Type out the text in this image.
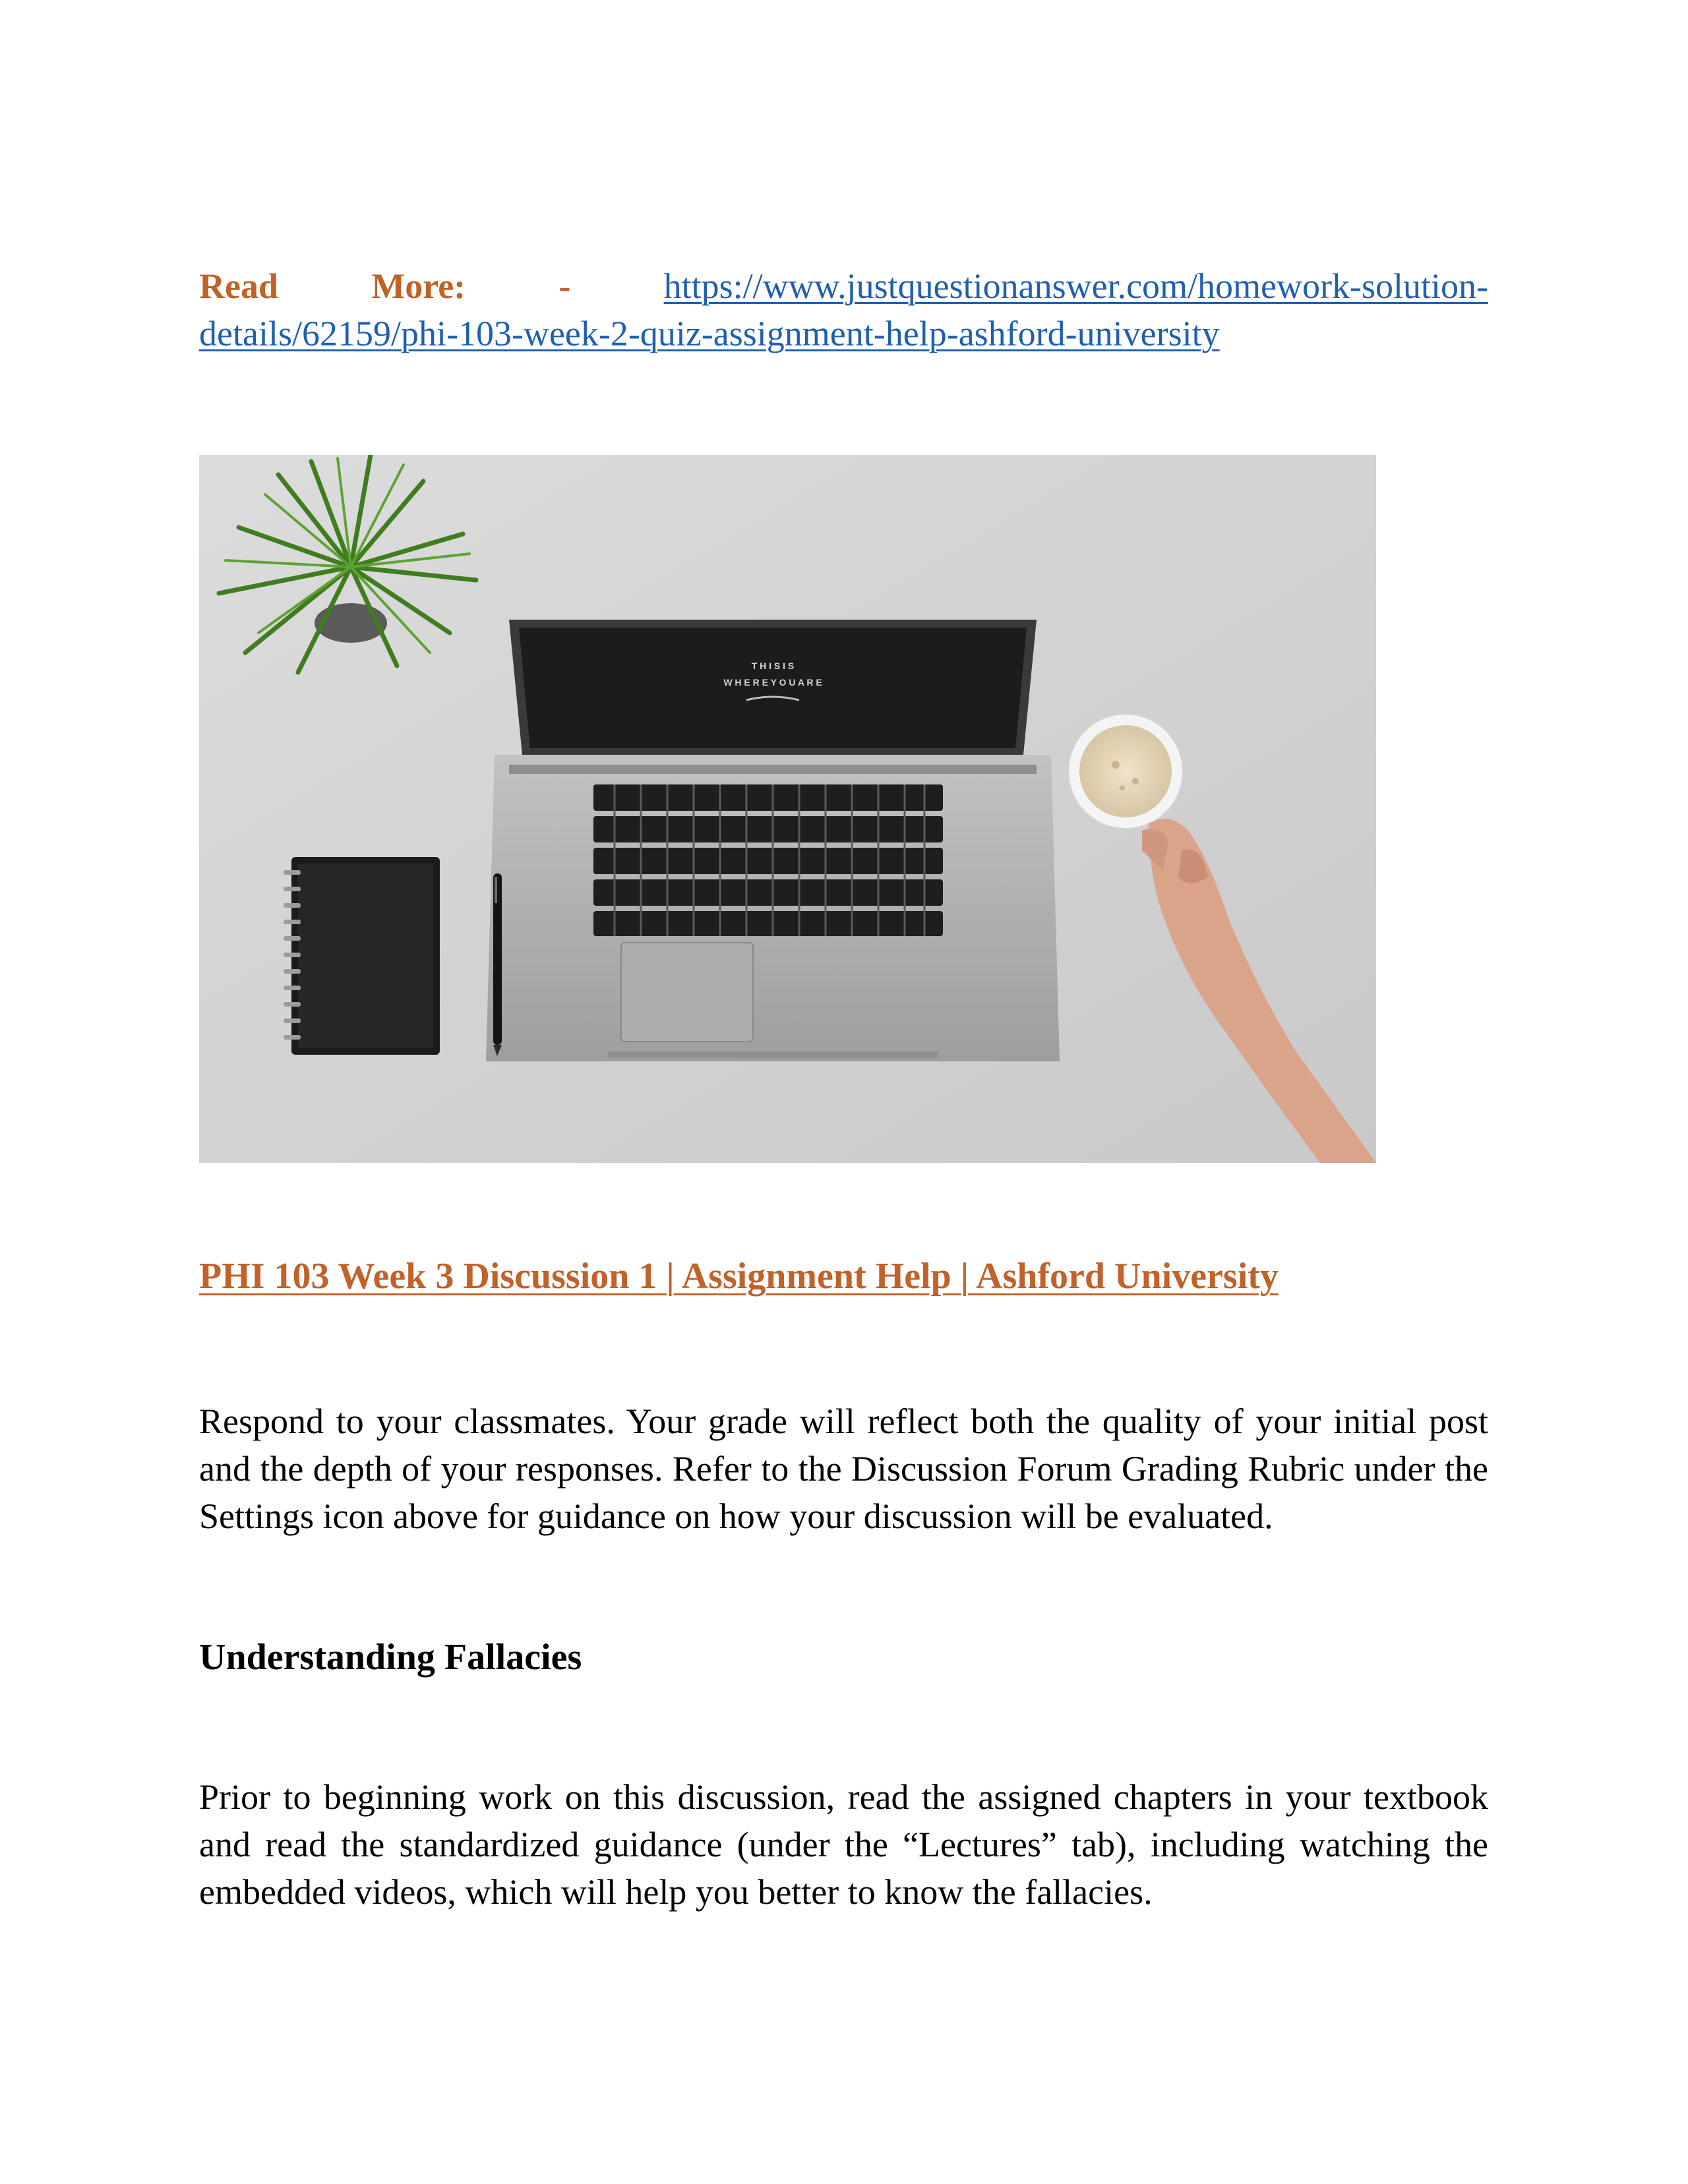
Read	More:	-	https://www.justquestionanswer.com/homework-solution-
details/62159/phi-103-week-2-quiz-assignment-help-ashford-university
T H I S I S
W H E R E Y O U A R E
PHI 103 Week 3 Discussion 1 | Assignment Help | Ashford University

Respond to your classmates. Your grade will reflect both the quality of your initial post and the depth of your responses. Refer to the Discussion Forum Grading Rubric under the Settings icon above for guidance on how your discussion will be evaluated.

Understanding Fallacies

Prior to beginning work on this discussion, read the assigned chapters in your textbook and read the standardized guidance (under the “Lectures” tab), including watching the embedded videos, which will help you better to know the fallacies.
